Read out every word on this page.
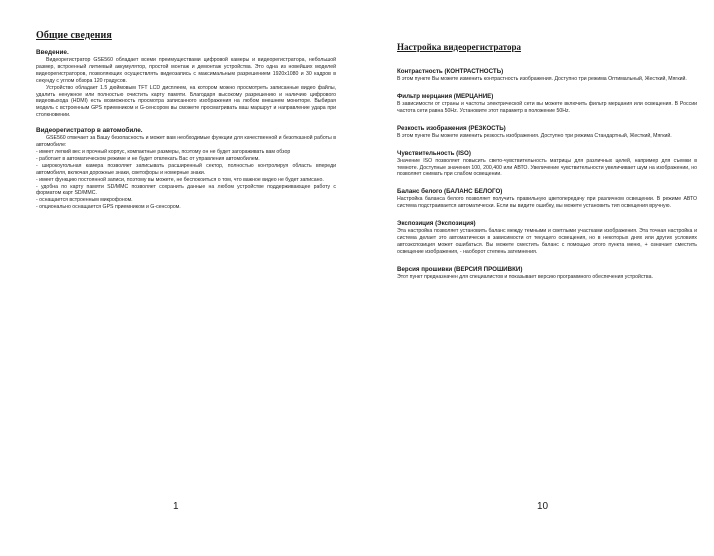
Общие сведения
Введение.

Видеорегистратор GSE560 обладает всеми преимуществами цифровой камеры и видеорегистратора, небольшой размер, встроенный литиевый аккумулятор, простой монтаж и демонтаж устройства. Это одна из новейших моделей видеорегистраторов, позволяющих осуществлять видеозапись с максимальным разрешением 1920x1080 и 30 кадров в секунду с углом обзора 120 градусов.

Устройство обладает 1.5 дюймовым TFT LCD дисплеем, на котором можно просмотреть записанные видео файлы, удалить ненужное или полностью очистить карту памяти. Благодаря высокому разрешению и наличию цифрового видеовыхода (HDMI) есть возможность просмотра записанного изображения на любом внешнем мониторе. Выбирая модель с встроенным GPS приемником и G-сенсором вы сможете просматривать ваш маршрут и направление удара при столкновении.

Видеорегистратор в автомобиле.

GSE560 отвечает за Вашу безопасность и может вам необходимые функции для качественной и безотказной работы в автомобиле:

- имеет легкий вес и прочный корпус, компактные размеры, поэтому он не будет загораживать вам обзор

- работает в автоматическом режиме и не будет отвлекать Вас от управления автомобилем.

- широкоугольная камера позволяет записывать расширенный сектор, полностью контролируя область впереди автомобиля, включая дорожные знаки, светофоры и номерные знаки.

- имеет функцию постоянной записи, поэтому вы можете, не беспокоиться о том, что важное видео не будет записано.

- удобна по карту памяти SD/MMC позволяет сохранить данные на любом устройстве поддерживающее работу с форматом карт SD/MMC.

- оснащается встроенным микрофоном.

- опционально оснащается GPS приемником и G-сенсором.

1
Настройка видеорегистратора
Контрастность (КОНТРАСТНОСТЬ)

В этом пункте Вы можете изменить контрастность изображения. Доступно три режима Оптимальный, Жесткий, Мягкий.

Фильтр мерцания (МЕРЦАНИЕ)

В зависимости от страны и частоты электрической сети вы можете включить фильтр мерцания или освещения. В России частота сети равна 50Hz. Установите этот параметр в положение 50Hz.

Резкость изображения (РЕЗКОСТЬ)

В этом пункте Вы можете изменить резкость изображения. Доступно три режима Стандартный, Жесткий, Мягкий.

Чувствительность (ISO)

Значение ISO позволяет повысить свето-чувствительность матрицы для различных целей, например для съемки в темноте. Доступные значения 100, 200,400 или АВТО. Увеличение чувствительности увеличивает шум на изображении, но позволяет снимать при слабом освещении.

Баланс белого (БАЛАНС БЕЛОГО)

Настройка баланса белого позволяет получить правильную цветопередачу при различном освещении. В режиме АВТО система подстраивается автоматически. Если вы видите ошибку, вы можете установить тип освещения вручную.

Экспозиция (Экспозиция)

Эта настройка позволяет установить баланс между темными и светлыми участками изображения. Эта точная настройка и система делает это автоматически в зависимости от текущего освещения, но в некоторых днях или других условиях автоэкспозиция может ошибаться. Вы можете сместить баланс с помощью этого пункта меню, + означает сместить освещение изображения, - наоборот степень затемнения.

Версия прошивки (ВЕРСИЯ ПРОШИВКИ)

Этот пункт предназначен для специалистов и показывает версию программного обеспечения устройства.

10
